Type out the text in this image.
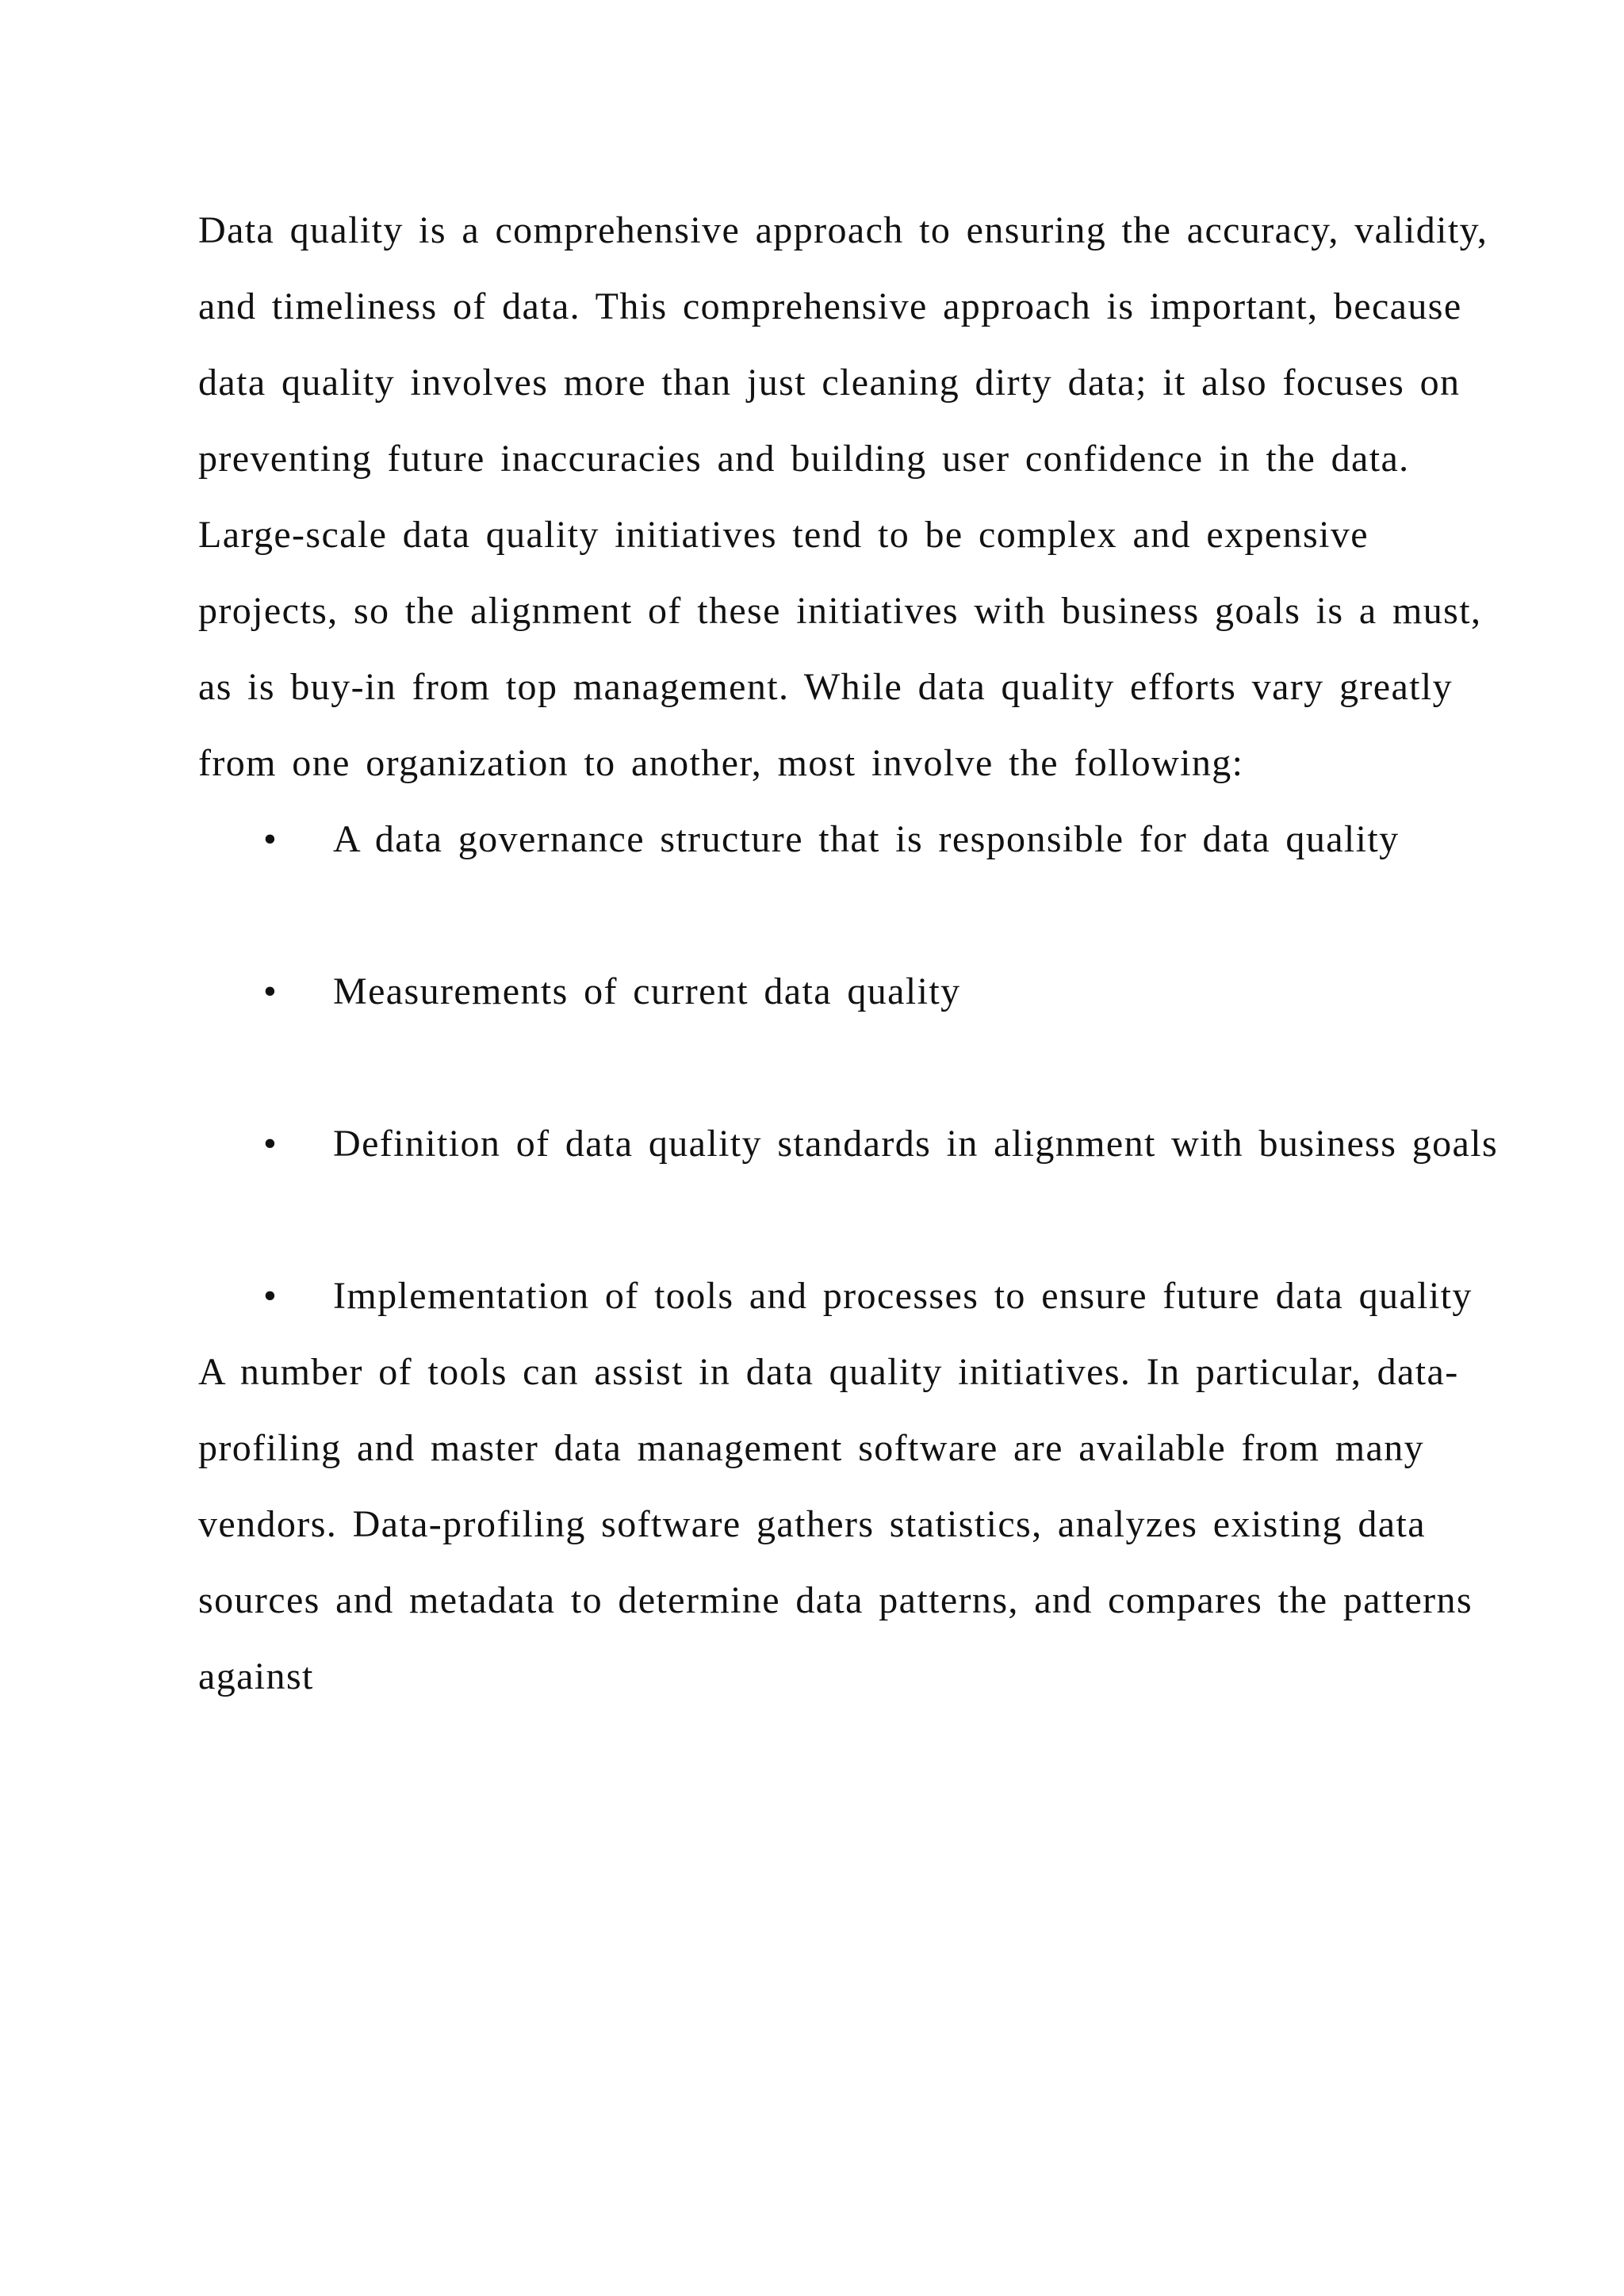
Data quality is a comprehensive approach to ensuring the accuracy, validity, and timeliness of data. This comprehensive approach is important, because data quality involves more than just cleaning dirty data; it also focuses on preventing future inaccuracies and building user confidence in the data. Large-scale data quality initiatives tend to be complex and expensive projects, so the alignment of these initiatives with business goals is a must, as is buy-in from top management. While data quality efforts vary greatly from one organization to another, most involve the following:

• A data governance structure that is responsible for data quality
• Measurements of current data quality
• Definition of data quality standards in alignment with business goals
• Implementation of tools and processes to ensure future data quality

A number of tools can assist in data quality initiatives. In particular, data-profiling and master data management software are available from many vendors. Data-profiling software gathers statistics, analyzes existing data sources and metadata to determine data patterns, and compares the patterns against
